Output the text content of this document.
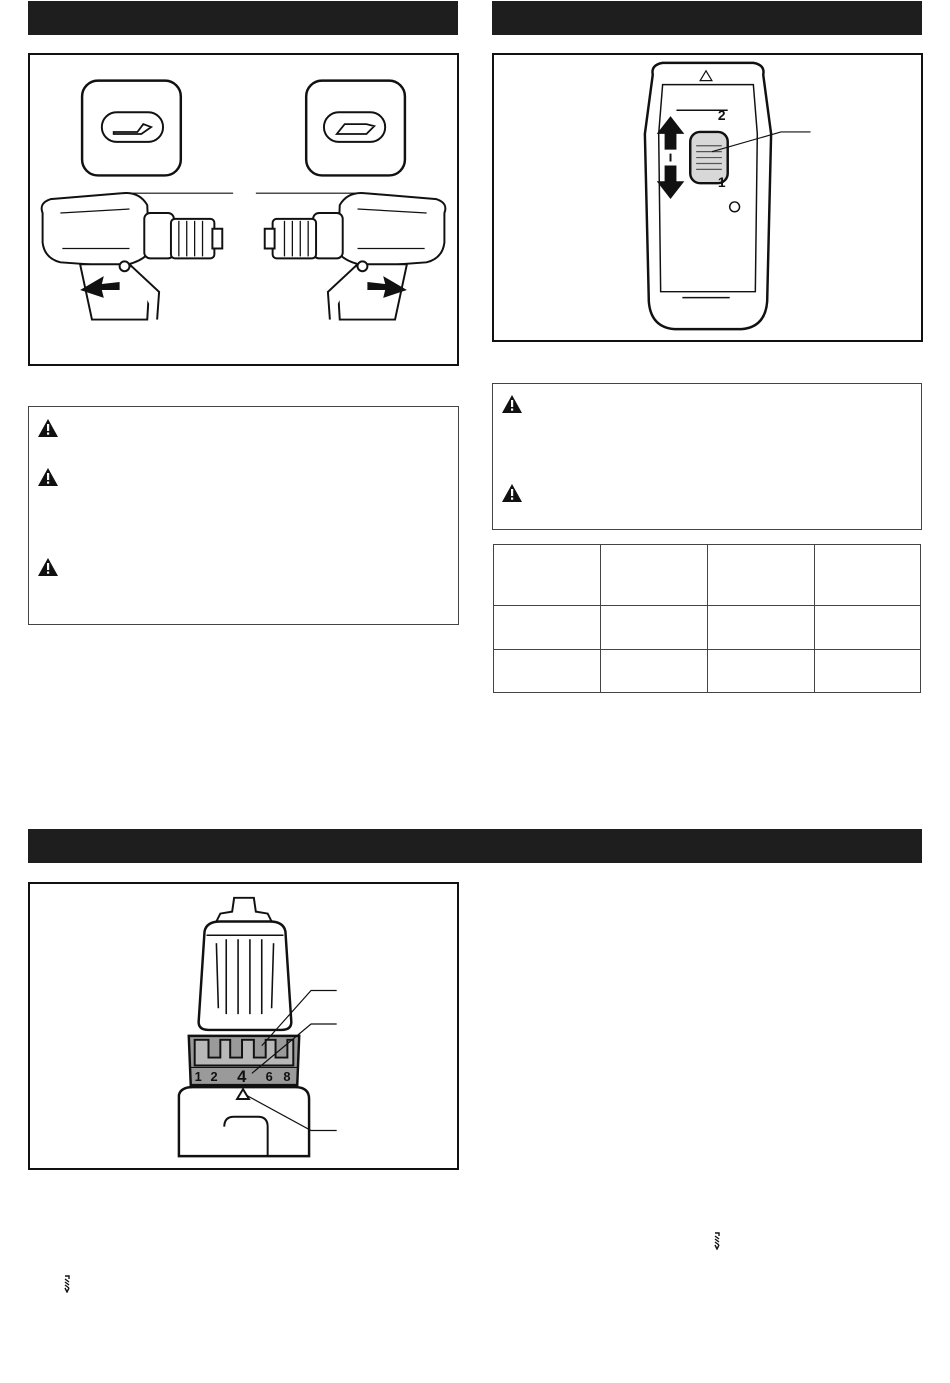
2
1

1 2 4 6 8
